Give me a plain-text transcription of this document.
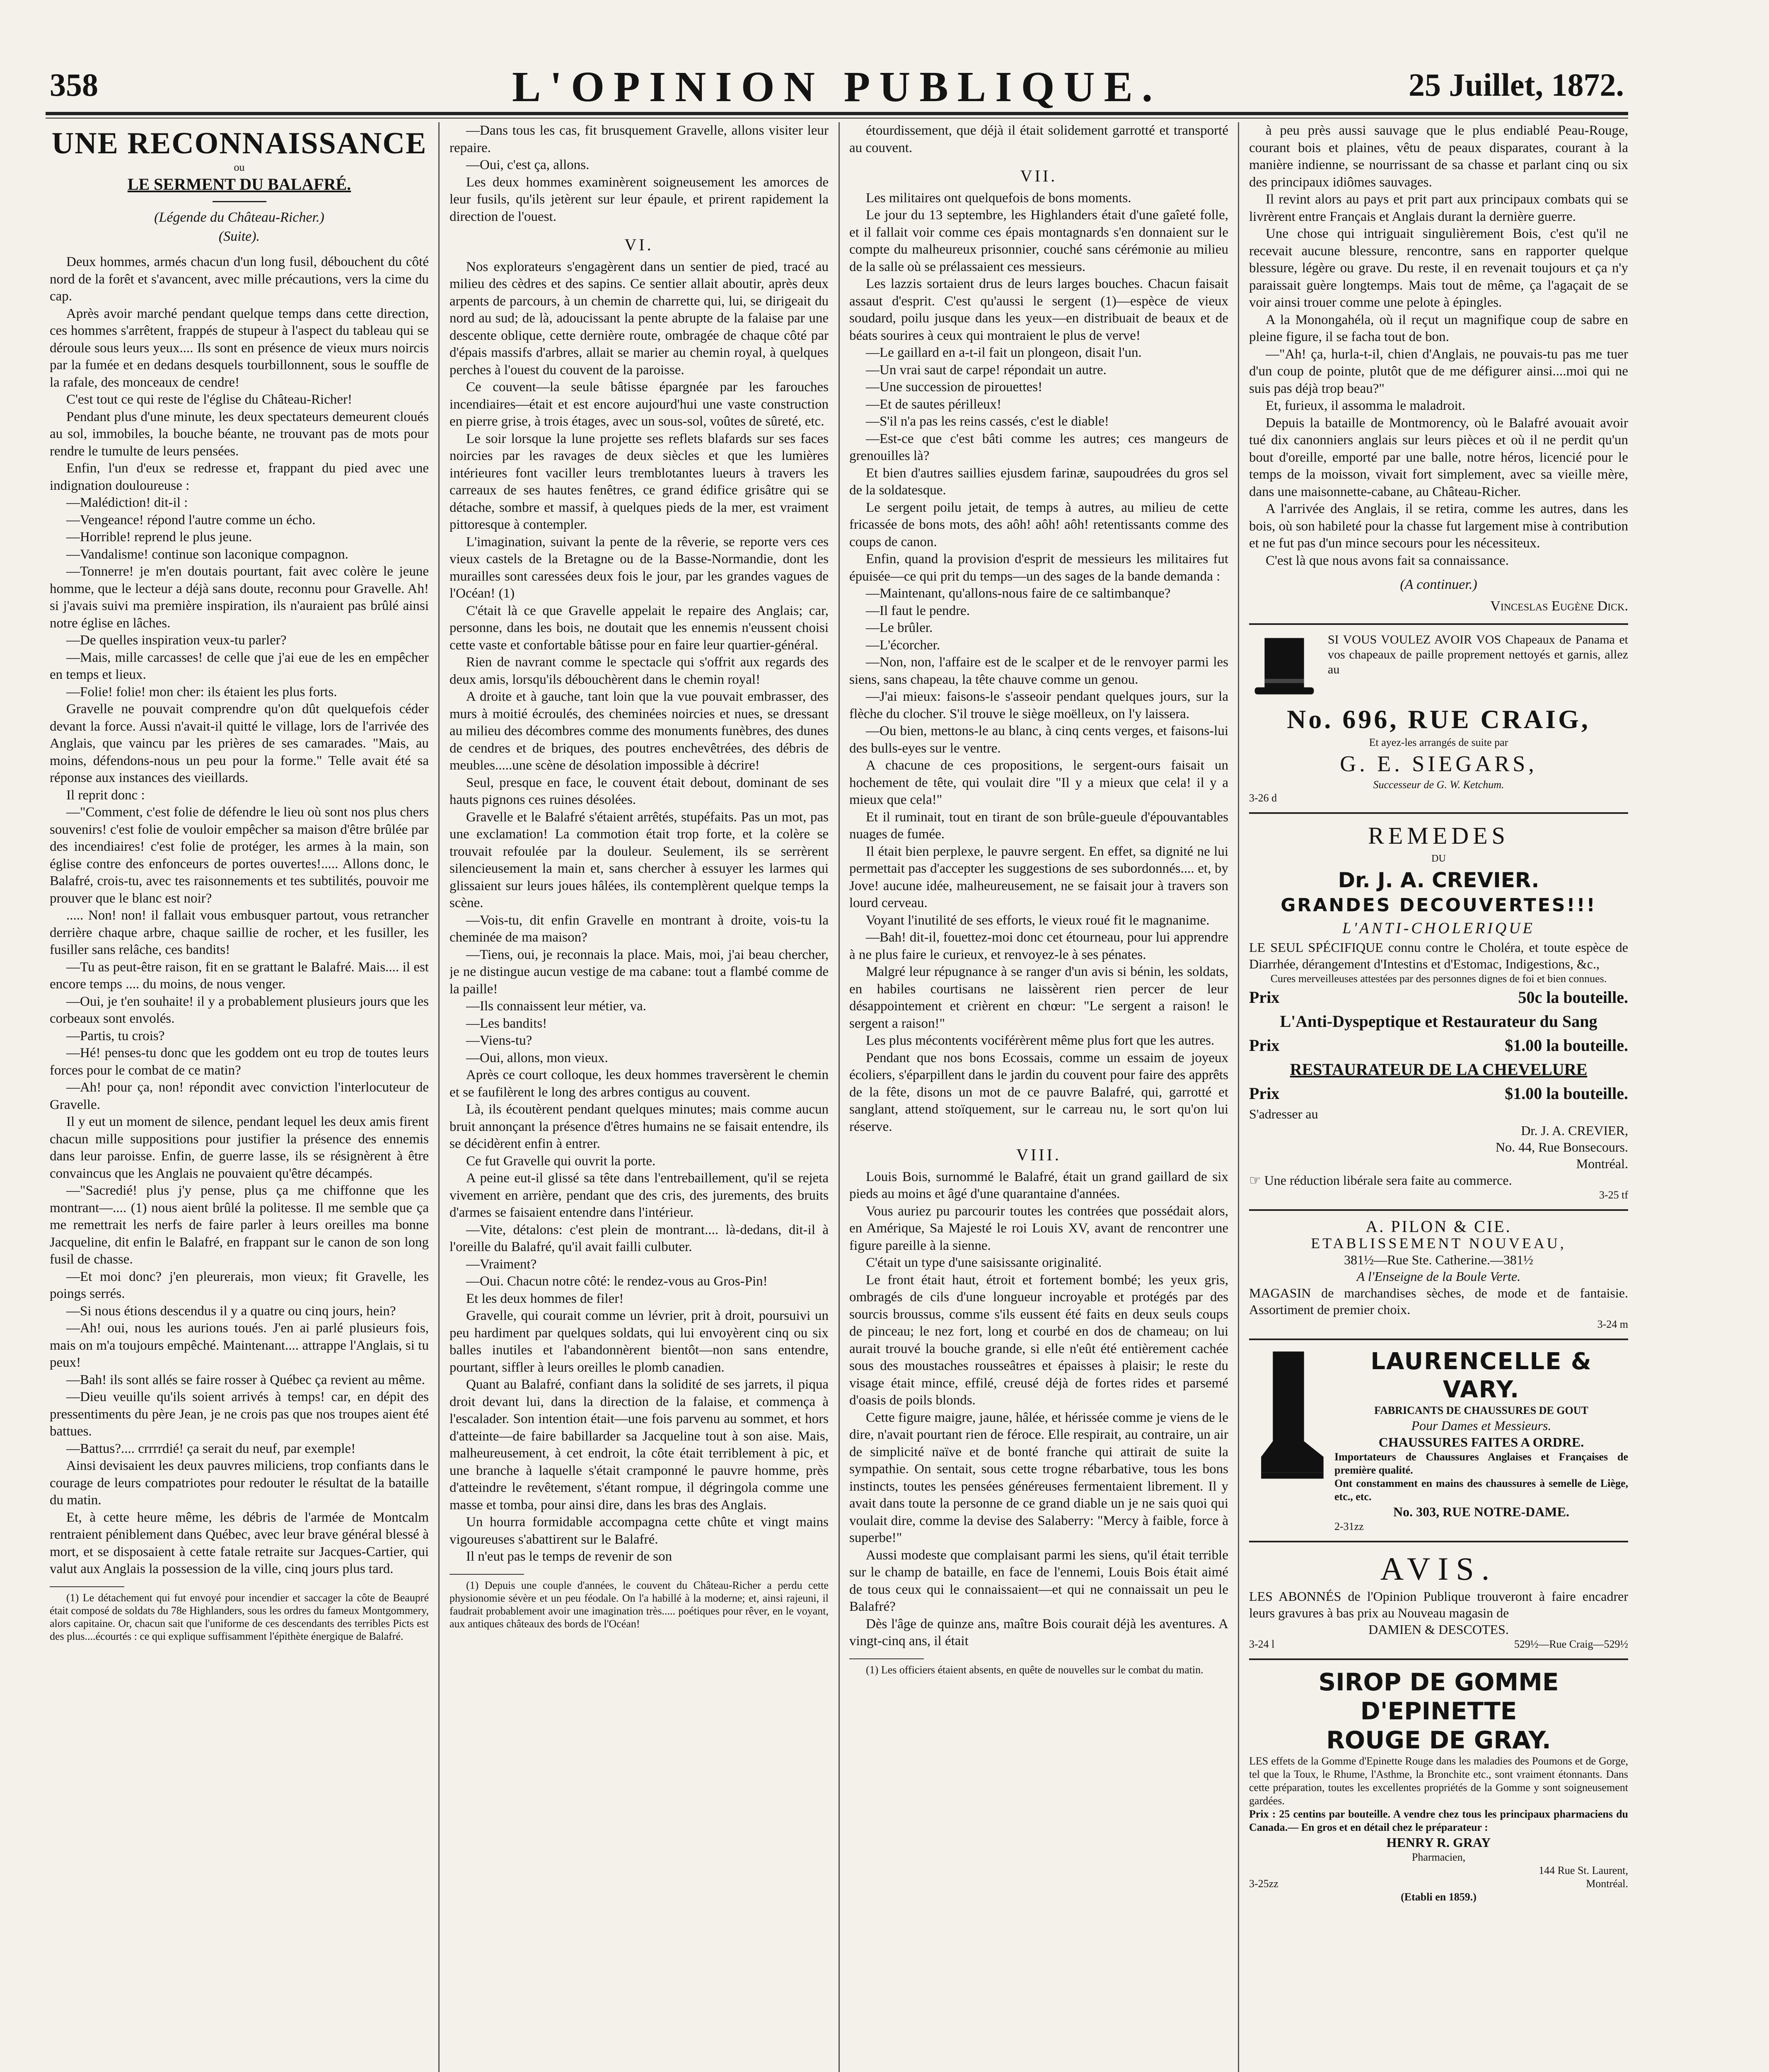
358	L'OPINION PUBLIQUE.	25 Juillet, 1872.
UNE RECONNAISSANCE
ou
LE SERMENT DU BALAFRÉ.
(Légende du Château-Richer.)
(Suite).

Deux hommes, armés chacun d'un long fusil, débouchent du côté nord de la forêt et s'avancent, avec mille précautions, vers la cime du cap.

Après avoir marché pendant quelque temps dans cette direction, ces hommes s'arrêtent, frappés de stupeur à l'aspect du tableau qui se déroule sous leurs yeux.... Ils sont en présence de vieux murs noircis par la fumée et en dedans desquels tourbillonnent, sous le souffle de la rafale, des monceaux de cendre!

C'est tout ce qui reste de l'église du Château-Richer!

Pendant plus d'une minute, les deux spectateurs demeurent cloués au sol, immobiles, la bouche béante, ne trouvant pas de mots pour rendre le tumulte de leurs pensées.

Enfin, l'un d'eux se redresse et, frappant du pied avec une indignation douloureuse :

—Malédiction! dit-il :

—Vengeance! répond l'autre comme un écho.

—Horrible! reprend le plus jeune.

—Vandalisme! continue son laconique compagnon.

—Tonnerre! je m'en doutais pourtant, fait avec colère le jeune homme, que le lecteur a déjà sans doute, reconnu pour Gravelle. Ah! si j'avais suivi ma première inspiration, ils n'auraient pas brûlé ainsi notre église en lâches.

—De quelles inspiration veux-tu parler?

—Mais, mille carcasses! de celle que j'ai eue de les en empêcher en temps et lieux.

—Folie! folie! mon cher: ils étaient les plus forts.

Gravelle ne pouvait comprendre qu'on dût quelquefois céder devant la force. Aussi n'avait-il quitté le village, lors de l'arrivée des Anglais, que vaincu par les prières de ses camarades. "Mais, au moins, défendons-nous un peu pour la forme." Telle avait été sa réponse aux instances des vieillards.

Il reprit donc :

—"Comment, c'est folie de défendre le lieu où sont nos plus chers souvenirs! c'est folie de vouloir empêcher sa maison d'être brûlée par des incendiaires! c'est folie de protéger, les armes à la main, son église contre des enfonceurs de portes ouvertes!..... Allons donc, le Balafré, crois-tu, avec tes raisonnements et tes subtilités, pouvoir me prouver que le blanc est noir?

..... Non! non! il fallait vous embusquer partout, vous retrancher derrière chaque arbre, chaque saillie de rocher, et les fusiller, les fusiller sans relâche, ces bandits!

—Tu as peut-être raison, fit en se grattant le Balafré. Mais.... il est encore temps .... du moins, de nous venger.

—Oui, je t'en souhaite! il y a probablement plusieurs jours que les corbeaux sont envolés.

—Partis, tu crois?

—Hé! penses-tu donc que les goddem ont eu trop de toutes leurs forces pour le combat de ce matin?

—Ah! pour ça, non! répondit avec conviction l'interlocuteur de Gravelle.

Il y eut un moment de silence, pendant lequel les deux amis firent chacun mille suppositions pour justifier la présence des ennemis dans leur paroisse. Enfin, de guerre lasse, ils se résignèrent à être convaincus que les Anglais ne pouvaient qu'être décampés.

—"Sacredié! plus j'y pense, plus ça me chiffonne que les montrant—.... (1) nous aient brûlé la politesse. Il me semble que ça me remettrait les nerfs de faire parler à leurs oreilles ma bonne Jacqueline, dit enfin le Balafré, en frappant sur le canon de son long fusil de chasse.

—Et moi donc? j'en pleurerais, mon vieux; fit Gravelle, les poings serrés.

—Si nous étions descendus il y a quatre ou cinq jours, hein?

—Ah! oui, nous les aurions toués. J'en ai parlé plusieurs fois, mais on m'a toujours empêché. Maintenant.... attrappe l'Anglais, si tu peux!

—Bah! ils sont allés se faire rosser à Québec ça revient au même.

—Dieu veuille qu'ils soient arrivés à temps! car, en dépit des pressentiments du père Jean, je ne crois pas que nos troupes aient été battues.

—Battus?.... crrrrdié! ça serait du neuf, par exemple!

Ainsi devisaient les deux pauvres miliciens, trop confiants dans le courage de leurs compatriotes pour redouter le résultat de la bataille du matin.

Et, à cette heure même, les débris de l'armée de Montcalm rentraient péniblement dans Québec, avec leur brave général blessé à mort, et se disposaient à cette fatale retraite sur Jacques-Cartier, qui valut aux Anglais la possession de la ville, cinq jours plus tard.

(1) Le détachement qui fut envoyé pour incendier et saccager la côte de Beaupré était composé de soldats du 78e Highlanders, sous les ordres du fameux Montgommery, alors capitaine. Or, chacun sait que l'uniforme de ces descendants des terribles Picts est des plus....écourtés : ce qui explique suffisamment l'épithète énergique de Balafré.

—Dans tous les cas, fit brusquement Gravelle, allons visiter leur repaire.

—Oui, c'est ça, allons.

Les deux hommes examinèrent soigneusement les amorces de leur fusils, qu'ils jetèrent sur leur épaule, et prirent rapidement la direction de l'ouest.

VI.

Nos explorateurs s'engagèrent dans un sentier de pied, tracé au milieu des cèdres et des sapins. Ce sentier allait aboutir, après deux arpents de parcours, à un chemin de charrette qui, lui, se dirigeait du nord au sud; de là, adoucissant la pente abrupte de la falaise par une descente oblique, cette dernière route, ombragée de chaque côté par d'épais massifs d'arbres, allait se marier au chemin royal, à quelques perches à l'ouest du couvent de la paroisse.

Ce couvent—la seule bâtisse épargnée par les farouches incendiaires—était et est encore aujourd'hui une vaste construction en pierre grise, à trois étages, avec un sous-sol, voûtes de sûreté, etc.

Le soir lorsque la lune projette ses reflets blafards sur ses faces noircies par les ravages de deux siècles et que les lumières intérieures font vaciller leurs tremblotantes lueurs à travers les carreaux de ses hautes fenêtres, ce grand édifice grisâtre qui se détache, sombre et massif, à quelques pieds de la mer, est vraiment pittoresque à contempler.

L'imagination, suivant la pente de la rêverie, se reporte vers ces vieux castels de la Bretagne ou de la Basse-Normandie, dont les murailles sont caressées deux fois le jour, par les grandes vagues de l'Océan! (1)

C'était là ce que Gravelle appelait le repaire des Anglais; car, personne, dans les bois, ne doutait que les ennemis n'eussent choisi cette vaste et confortable bâtisse pour en faire leur quartier-général.

Rien de navrant comme le spectacle qui s'offrit aux regards des deux amis, lorsqu'ils débouchèrent dans le chemin royal!

A droite et à gauche, tant loin que la vue pouvait embrasser, des murs à moitié écroulés, des cheminées noircies et nues, se dressant au milieu des décombres comme des monuments funèbres, des dunes de cendres et de briques, des poutres enchevêtrées, des débris de meubles.....une scène de désolation impossible à décrire!

Seul, presque en face, le couvent était debout, dominant de ses hauts pignons ces ruines désolées.

Gravelle et le Balafré s'étaient arrêtés, stupéfaits. Pas un mot, pas une exclamation! La commotion était trop forte, et la colère se trouvait refoulée par la douleur. Seulement, ils se serrèrent silencieusement la main et, sans chercher à essuyer les larmes qui glissaient sur leurs joues hâlées, ils contemplèrent quelque temps la scène.

—Vois-tu, dit enfin Gravelle en montrant à droite, vois-tu la cheminée de ma maison?

—Tiens, oui, je reconnais la place. Mais, moi, j'ai beau chercher, je ne distingue aucun vestige de ma cabane: tout a flambé comme de la paille!

—Ils connaissent leur métier, va.

—Les bandits!

—Viens-tu?

—Oui, allons, mon vieux.

Après ce court colloque, les deux hommes traversèrent le chemin et se faufilèrent le long des arbres contigus au couvent.

Là, ils écoutèrent pendant quelques minutes; mais comme aucun bruit annonçant la présence d'êtres humains ne se faisait entendre, ils se décidèrent enfin à entrer.

Ce fut Gravelle qui ouvrit la porte.

A peine eut-il glissé sa tête dans l'entrebaillement, qu'il se rejeta vivement en arrière, pendant que des cris, des jurements, des bruits d'armes se faisaient entendre dans l'intérieur.

—Vite, détalons: c'est plein de montrant.... là-dedans, dit-il à l'oreille du Balafré, qu'il avait failli culbuter.

—Vraiment?

—Oui. Chacun notre côté: le rendez-vous au Gros-Pin!

Et les deux hommes de filer!

Gravelle, qui courait comme un lévrier, prit à droit, poursuivi un peu hardiment par quelques soldats, qui lui envoyèrent cinq ou six balles inutiles et l'abandonnèrent bientôt—non sans entendre, pourtant, siffler à leurs oreilles le plomb canadien.

Quant au Balafré, confiant dans la solidité de ses jarrets, il piqua droit devant lui, dans la direction de la falaise, et commença à l'escalader. Son intention était—une fois parvenu au sommet, et hors d'atteinte—de faire babillarder sa Jacqueline tout à son aise. Mais, malheureusement, à cet endroit, la côte était terriblement à pic, et une branche à laquelle s'était cramponné le pauvre homme, près d'atteindre le revêtement, s'étant rompue, il dégringola comme une masse et tomba, pour ainsi dire, dans les bras des Anglais.

Un hourra formidable accompagna cette chûte et vingt mains vigoureuses s'abattirent sur le Balafré.

Il n'eut pas le temps de revenir de son

(1) Depuis une couple d'années, le couvent du Château-Richer a perdu cette physionomie sévère et un peu féodale. On l'a habillé à la moderne; et, ainsi rajeuni, il faudrait probablement avoir une imagination très..... poétiques pour rêver, en le voyant, aux antiques châteaux des bords de l'Océan!

étourdissement, que déjà il était solidement garrotté et transporté au couvent.

VII.

Les militaires ont quelquefois de bons moments.

Le jour du 13 septembre, les Highlanders était d'une gaîeté folle, et il fallait voir comme ces épais montagnards s'en donnaient sur le compte du malheureux prisonnier, couché sans cérémonie au milieu de la salle où se prélassaient ces messieurs.

Les lazzis sortaient drus de leurs larges bouches. Chacun faisait assaut d'esprit. C'est qu'aussi le sergent (1)—espèce de vieux soudard, poilu jusque dans les yeux—en distribuait de beaux et de béats sourires à ceux qui montraient le plus de verve!

—Le gaillard en a-t-il fait un plongeon, disait l'un.

—Un vrai saut de carpe! répondait un autre.

—Une succession de pirouettes!

—Et de sautes périlleux!

—S'il n'a pas les reins cassés, c'est le diable!

—Est-ce que c'est bâti comme les autres; ces mangeurs de grenouilles là?

Et bien d'autres saillies ejusdem farinæ, saupoudrées du gros sel de la soldatesque.

Le sergent poilu jetait, de temps à autres, au milieu de cette fricassée de bons mots, des aôh! aôh! aôh! retentissants comme des coups de canon.

Enfin, quand la provision d'esprit de messieurs les militaires fut épuisée—ce qui prit du temps—un des sages de la bande demanda :

—Maintenant, qu'allons-nous faire de ce saltimbanque?

—Il faut le pendre.

—Le brûler.

—L'écorcher.

—Non, non, l'affaire est de le scalper et de le renvoyer parmi les siens, sans chapeau, la tête chauve comme un genou.

—J'ai mieux: faisons-le s'asseoir pendant quelques jours, sur la flèche du clocher. S'il trouve le siège moëlleux, on l'y laissera.

—Ou bien, mettons-le au blanc, à cinq cents verges, et faisons-lui des bulls-eyes sur le ventre.

A chacune de ces propositions, le sergent-ours faisait un hochement de tête, qui voulait dire "Il y a mieux que cela! il y a mieux que cela!"

Et il ruminait, tout en tirant de son brûle-gueule d'épouvantables nuages de fumée.

Il était bien perplexe, le pauvre sergent. En effet, sa dignité ne lui permettait pas d'accepter les suggestions de ses subordonnés.... et, by Jove! aucune idée, malheureusement, ne se faisait jour à travers son lourd cerveau.

Voyant l'inutilité de ses efforts, le vieux roué fit le magnanime.

—Bah! dit-il, fouettez-moi donc cet étourneau, pour lui apprendre à ne plus faire le curieux, et renvoyez-le à ses pénates.

Malgré leur répugnance à se ranger d'un avis si bénin, les soldats, en habiles courtisans ne laissèrent rien percer de leur désappointement et crièrent en chœur: "Le sergent a raison! le sergent a raison!"

Les plus mécontents vociférèrent même plus fort que les autres.

Pendant que nos bons Ecossais, comme un essaim de joyeux écoliers, s'éparpillent dans le jardin du couvent pour faire des apprêts de la fête, disons un mot de ce pauvre Balafré, qui, garrotté et sanglant, attend stoïquement, sur le carreau nu, le sort qu'on lui réserve.

VIII.

Louis Bois, surnommé le Balafré, était un grand gaillard de six pieds au moins et âgé d'une quarantaine d'années.

Vous auriez pu parcourir toutes les contrées que possédait alors, en Amérique, Sa Majesté le roi Louis XV, avant de rencontrer une figure pareille à la sienne.

C'était un type d'une saisissante originalité.

Le front était haut, étroit et fortement bombé; les yeux gris, ombragés de cils d'une longueur incroyable et protégés par des sourcis broussus, comme s'ils eussent été faits en deux seuls coups de pinceau; le nez fort, long et courbé en dos de chameau; on lui aurait trouvé la bouche grande, si elle n'eût été entièrement cachée sous des moustaches rousseâtres et épaisses à plaisir; le reste du visage était mince, effilé, creusé déjà de fortes rides et parsemé d'oasis de poils blonds.

Cette figure maigre, jaune, hâlée, et hérissée comme je viens de le dire, n'avait pourtant rien de féroce. Elle respirait, au contraire, un air de simplicité naïve et de bonté franche qui attirait de suite la sympathie. On sentait, sous cette trogne rébarbative, tous les bons instincts, toutes les pensées généreuses fermentaient librement. Il y avait dans toute la personne de ce grand diable un je ne sais quoi qui voulait dire, comme la devise des Salaberry: "Mercy à faible, force à superbe!"

Aussi modeste que complaisant parmi les siens, qu'il était terrible sur le champ de bataille, en face de l'ennemi, Louis Bois était aimé de tous ceux qui le connaissaient—et qui ne connaissait un peu le Balafré?

Dès l'âge de quinze ans, maître Bois courait déjà les aventures. A vingt-cinq ans, il était

(1) Les officiers étaient absents, en quête de nouvelles sur le combat du matin.

à peu près aussi sauvage que le plus endiablé Peau-Rouge, courant bois et plaines, vêtu de peaux disparates, courant à la manière indienne, se nourrissant de sa chasse et parlant cinq ou six des principaux idiômes sauvages.

Il revint alors au pays et prit part aux principaux combats qui se livrèrent entre Français et Anglais durant la dernière guerre.

Une chose qui intriguait singulièrement Bois, c'est qu'il ne recevait aucune blessure, rencontre, sans en rapporter quelque blessure, légère ou grave. Du reste, il en revenait toujours et ça n'y paraissait guère longtemps. Mais tout de même, ça l'agaçait de se voir ainsi trouer comme une pelote à épingles.

A la Monongahéla, où il reçut un magnifique coup de sabre en pleine figure, il se facha tout de bon.

—"Ah! ça, hurla-t-il, chien d'Anglais, ne pouvais-tu pas me tuer d'un coup de pointe, plutôt que de me défigurer ainsi....moi qui ne suis pas déjà trop beau?"

Et, furieux, il assomma le maladroit.

Depuis la bataille de Montmorency, où le Balafré avouait avoir tué dix canonniers anglais sur leurs pièces et où il ne perdit qu'un bout d'oreille, emporté par une balle, notre héros, licencié pour le temps de la moisson, vivait fort simplement, avec sa vieille mère, dans une maisonnette-cabane, au Château-Richer.

A l'arrivée des Anglais, il se retira, comme les autres, dans les bois, où son habileté pour la chasse fut largement mise à contribution et ne fut pas d'un mince secours pour les nécessiteux.

C'est là que nous avons fait sa connaissance.

(A continuer.)
Vinceslas Eugène Dick.
SI VOUS VOULEZ AVOIR VOS Chapeaux de Panama et vos chapeaux de paille proprement nettoyés et garnis, allez au
No. 696, RUE CRAIG,
Et ayez-les arrangés de suite par
G. E. SIEGARS,
Successeur de G. W. Ketchum.
3-26 d
REMEDES
DU
Dr. J. A. CREVIER.
GRANDES DECOUVERTES!!!
L'ANTI-CHOLERIQUE
LE SEUL SPÉCIFIQUE connu contre le Choléra, et toute espèce de Diarrhée, dérangement d'Intestins et d'Estomac, Indigestions, &c.,
Cures merveilleuses attestées par des personnes dignes de foi et bien connues.
Prix	50c la bouteille.
L'Anti-Dyspeptique et Restaurateur du Sang
Prix	$1.00 la bouteille.
RESTAURATEUR DE LA CHEVELURE
Prix	$1.00 la bouteille.
S'adresser au
Dr. J. A. CREVIER,
No. 44, Rue Bonsecours.
Montréal.
☞ Une réduction libérale sera faite au commerce.
3-25 tf
A. PILON & CIE.
ETABLISSEMENT NOUVEAU,
381½—Rue Ste. Catherine.—381½
A l'Enseigne de la Boule Verte.
MAGASIN de marchandises sèches, de mode et de fantaisie. Assortiment de premier choix.
3-24 m
LAURENCELLE & VARY.
FABRICANTS DE CHAUSSURES DE GOUT
Pour Dames et Messieurs.
CHAUSSURES FAITES A ORDRE.
Importateurs de Chaussures Anglaises et Françaises de première qualité.
Ont constamment en mains des chaussures à semelle de Liège, etc., etc.
No. 303, RUE NOTRE-DAME.
2-31zz
AVIS.
LES ABONNÉS de l'Opinion Publique trouveront à faire encadrer leurs gravures à bas prix au Nouveau magasin de
DAMIEN & DESCOTES.
3-24 l	529½—Rue Craig—529½
SIROP DE GOMME D'EPINETTE
ROUGE DE GRAY.
LES effets de la Gomme d'Epinette Rouge dans les maladies des Poumons et de Gorge, tel que la Toux, le Rhume, l'Asthme, la Bronchite etc., sont vraiment étonnants. Dans cette préparation, toutes les excellentes propriétés de la Gomme y sont soigneusement gardées.
Prix : 25 centins par bouteille. A vendre chez tous les principaux pharmaciens du Canada.— En gros et en détail chez le préparateur :
HENRY R. GRAY
Pharmacien,
144 Rue St. Laurent,
3-25zz	Montréal.
(Etabli en 1859.)
